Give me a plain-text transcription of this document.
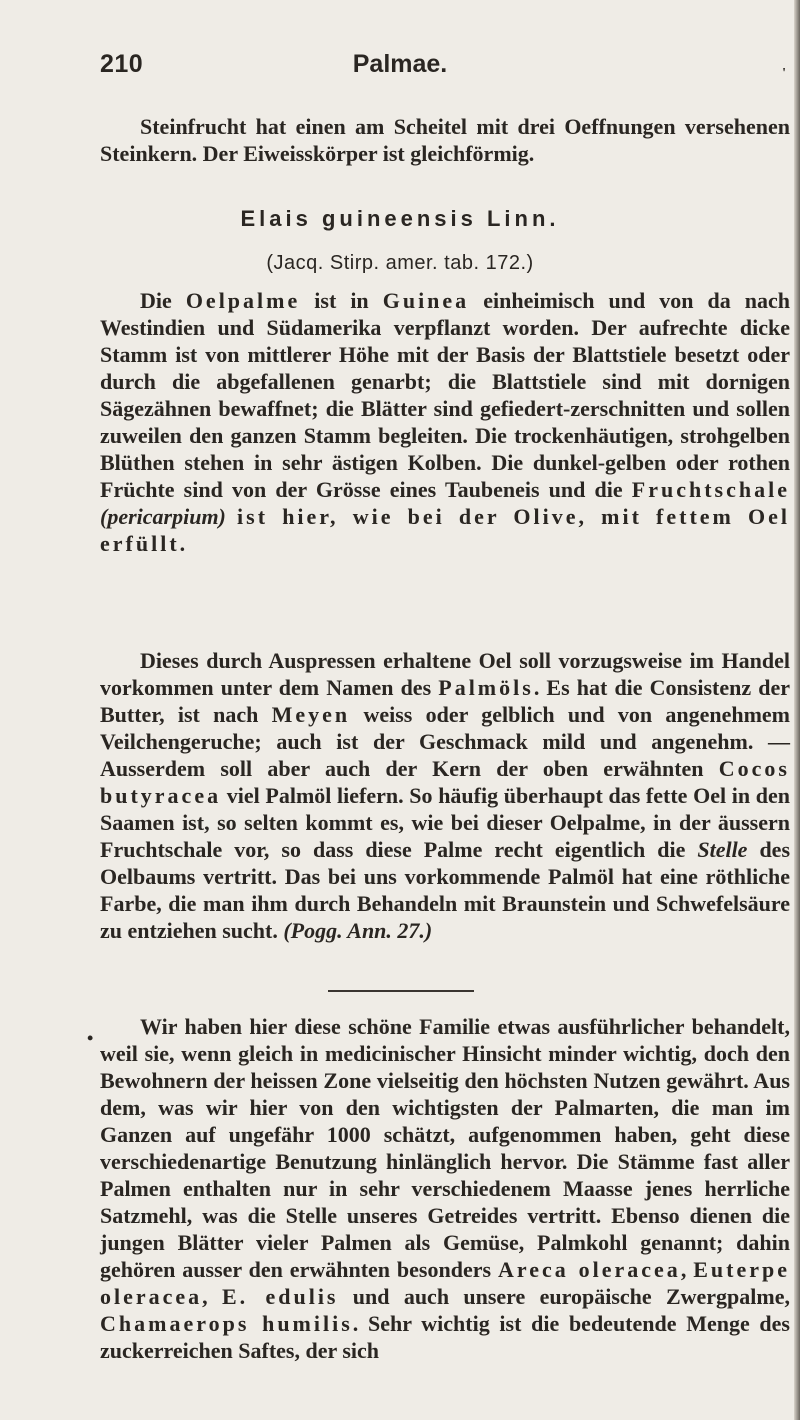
210	Palmae.	'

Steinfrucht hat einen am Scheitel mit drei Oeffnungen versehenen Steinkern. Der Eiweisskörper ist gleichförmig.

Elais guineensis Linn.
(Jacq. Stirp. amer. tab. 172.)

Die Oelpalme ist in Guinea einheimisch und von da nach Westindien und Südamerika verpflanzt worden. Der aufrechte dicke Stamm ist von mittlerer Höhe mit der Basis der Blattstiele besetzt oder durch die abgefallenen genarbt; die Blattstiele sind mit dornigen Sägezähnen bewaffnet; die Blätter sind gefiedert-zerschnitten und sollen zuweilen den ganzen Stamm begleiten. Die trockenhäutigen, strohgelben Blüthen stehen in sehr ästigen Kolben. Die dunkel-gelben oder rothen Früchte sind von der Grösse eines Taubeneis und die Fruchtschale (pericarpium) ist hier, wie bei der Olive, mit fettem Oel erfüllt.

Dieses durch Auspressen erhaltene Oel soll vorzugsweise im Handel vorkommen unter dem Namen des Palmöls. Es hat die Consistenz der Butter, ist nach Meyen weiss oder gelblich und von angenehmem Veilchengeruche; auch ist der Geschmack mild und angenehm. — Ausserdem soll aber auch der Kern der oben erwähnten Cocos butyracea viel Palmöl liefern. So häufig überhaupt das fette Oel in den Saamen ist, so selten kommt es, wie bei dieser Oelpalme, in der äussern Fruchtschale vor, so dass diese Palme recht eigentlich die Stelle des Oelbaums vertritt. Das bei uns vorkommende Palmöl hat eine röthliche Farbe, die man ihm durch Behandeln mit Braunstein und Schwefelsäure zu entziehen sucht. (Pogg. Ann. 27.)

•	Wir haben hier diese schöne Familie etwas ausführlicher behandelt, weil sie, wenn gleich in medicinischer Hinsicht minder wichtig, doch den Bewohnern der heissen Zone vielseitig den höchsten Nutzen gewährt. Aus dem, was wir hier von den wichtigsten der Palmarten, die man im Ganzen auf ungefähr 1000 schätzt, aufgenommen haben, geht diese verschiedenartige Benutzung hinlänglich hervor. Die Stämme fast aller Palmen enthalten nur in sehr verschiedenem Maasse jenes herrliche Satzmehl, was die Stelle unseres Getreides vertritt. Ebenso dienen die jungen Blätter vieler Palmen als Gemüse, Palmkohl genannt; dahin gehören ausser den erwähnten besonders Areca oleracea, Euterpe oleracea, E. edulis und auch unsere europäische Zwergpalme, Chamaerops humilis. Sehr wichtig ist die bedeutende Menge des zuckerreichen Saftes, der sich
